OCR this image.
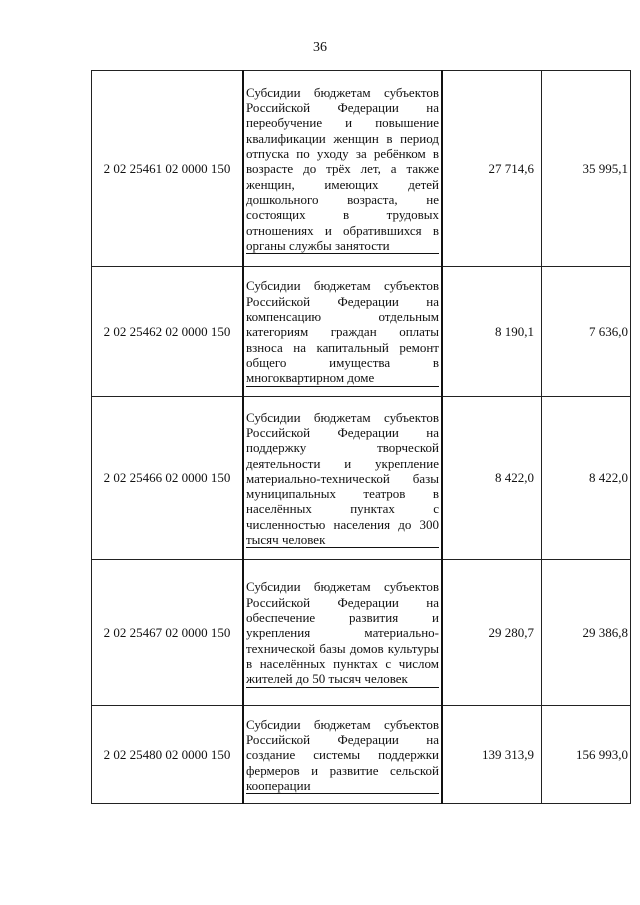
36
2 02 25461 02 0000 150	Субсидии бюджетам субъектов Российской Федерации на переобучение и повышение квалификации женщин в период отпуска по уходу за ребёнком в возрасте до трёх лет, а также женщин, имеющих детей дошкольного возраста, не состоящих в трудовых отношениях и обратившихся в органы службы занятости	27 714,6	35 995,1
2 02 25462 02 0000 150	Субсидии бюджетам субъектов Российской Федерации на компенсацию отдельным категориям граждан оплаты взноса на капитальный ремонт общего имущества в многоквартирном доме	8 190,1	7 636,0
2 02 25466 02 0000 150	Субсидии бюджетам субъектов Российской Федерации на поддержку творческой деятельности и укрепление материально-технической базы муниципальных театров в населённых пунктах с численностью населения до 300 тысяч человек	8 422,0	8 422,0
2 02 25467 02 0000 150	Субсидии бюджетам субъектов Российской Федерации на обеспечение развития и укрепления материально-технической базы домов культуры в населённых пунктах с числом жителей до 50 тысяч человек	29 280,7	29 386,8
2 02 25480 02 0000 150	Субсидии бюджетам субъектов Российской Федерации на создание системы поддержки фермеров и развитие сельской кооперации	139 313,9	156 993,0
